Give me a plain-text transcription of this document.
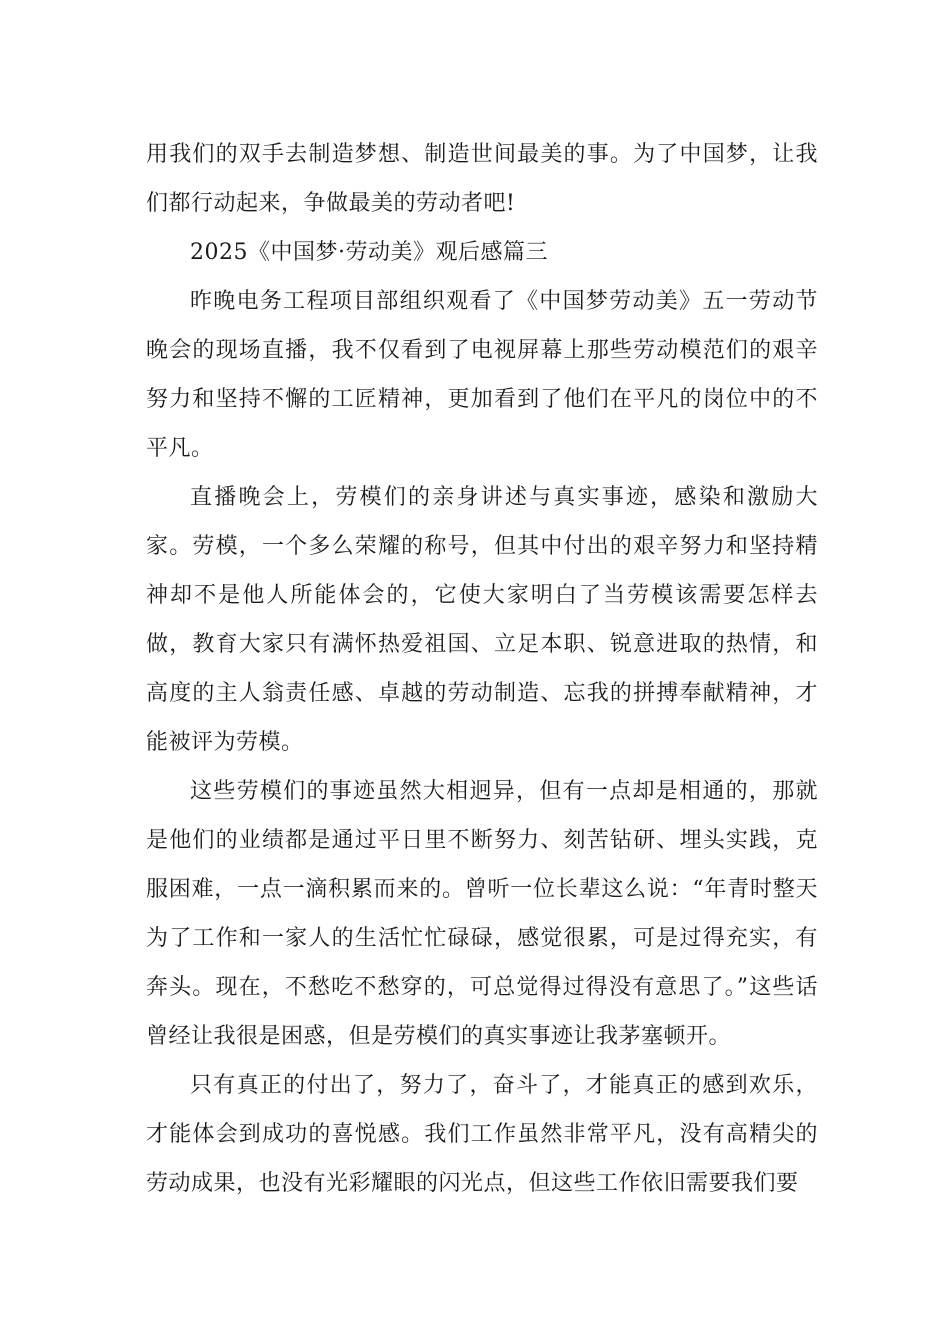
用我们的双手去制造梦想、制造世间最美的事。为了中国梦，让我们都行动起来，争做最美的劳动者吧!

2025《中国梦·劳动美》观后感篇三

昨晚电务工程项目部组织观看了《中国梦劳动美》五一劳动节晚会的现场直播，我不仅看到了电视屏幕上那些劳动模范们的艰辛努力和坚持不懈的工匠精神，更加看到了他们在平凡的岗位中的不平凡。

直播晚会上，劳模们的亲身讲述与真实事迹，感染和激励大家。劳模，一个多么荣耀的称号，但其中付出的艰辛努力和坚持精神却不是他人所能体会的，它使大家明白了当劳模该需要怎样去做，教育大家只有满怀热爱祖国、立足本职、锐意进取的热情，和高度的主人翁责任感、卓越的劳动制造、忘我的拼搏奉献精神，才能被评为劳模。

这些劳模们的事迹虽然大相迥异，但有一点却是相通的，那就是他们的业绩都是通过平日里不断努力、刻苦钻研、埋头实践，克服困难，一点一滴积累而来的。曾听一位长辈这么说：“年青时整天为了工作和一家人的生活忙忙碌碌，感觉很累，可是过得充实，有奔头。现在，不愁吃不愁穿的，可总觉得过得没有意思了。”这些话曾经让我很是困惑，但是劳模们的真实事迹让我茅塞顿开。

只有真正的付出了，努力了，奋斗了，才能真正的感到欢乐，才能体会到成功的喜悦感。我们工作虽然非常平凡，没有高精尖的劳动成果，也没有光彩耀眼的闪光点，但这些工作依旧需要我们要
